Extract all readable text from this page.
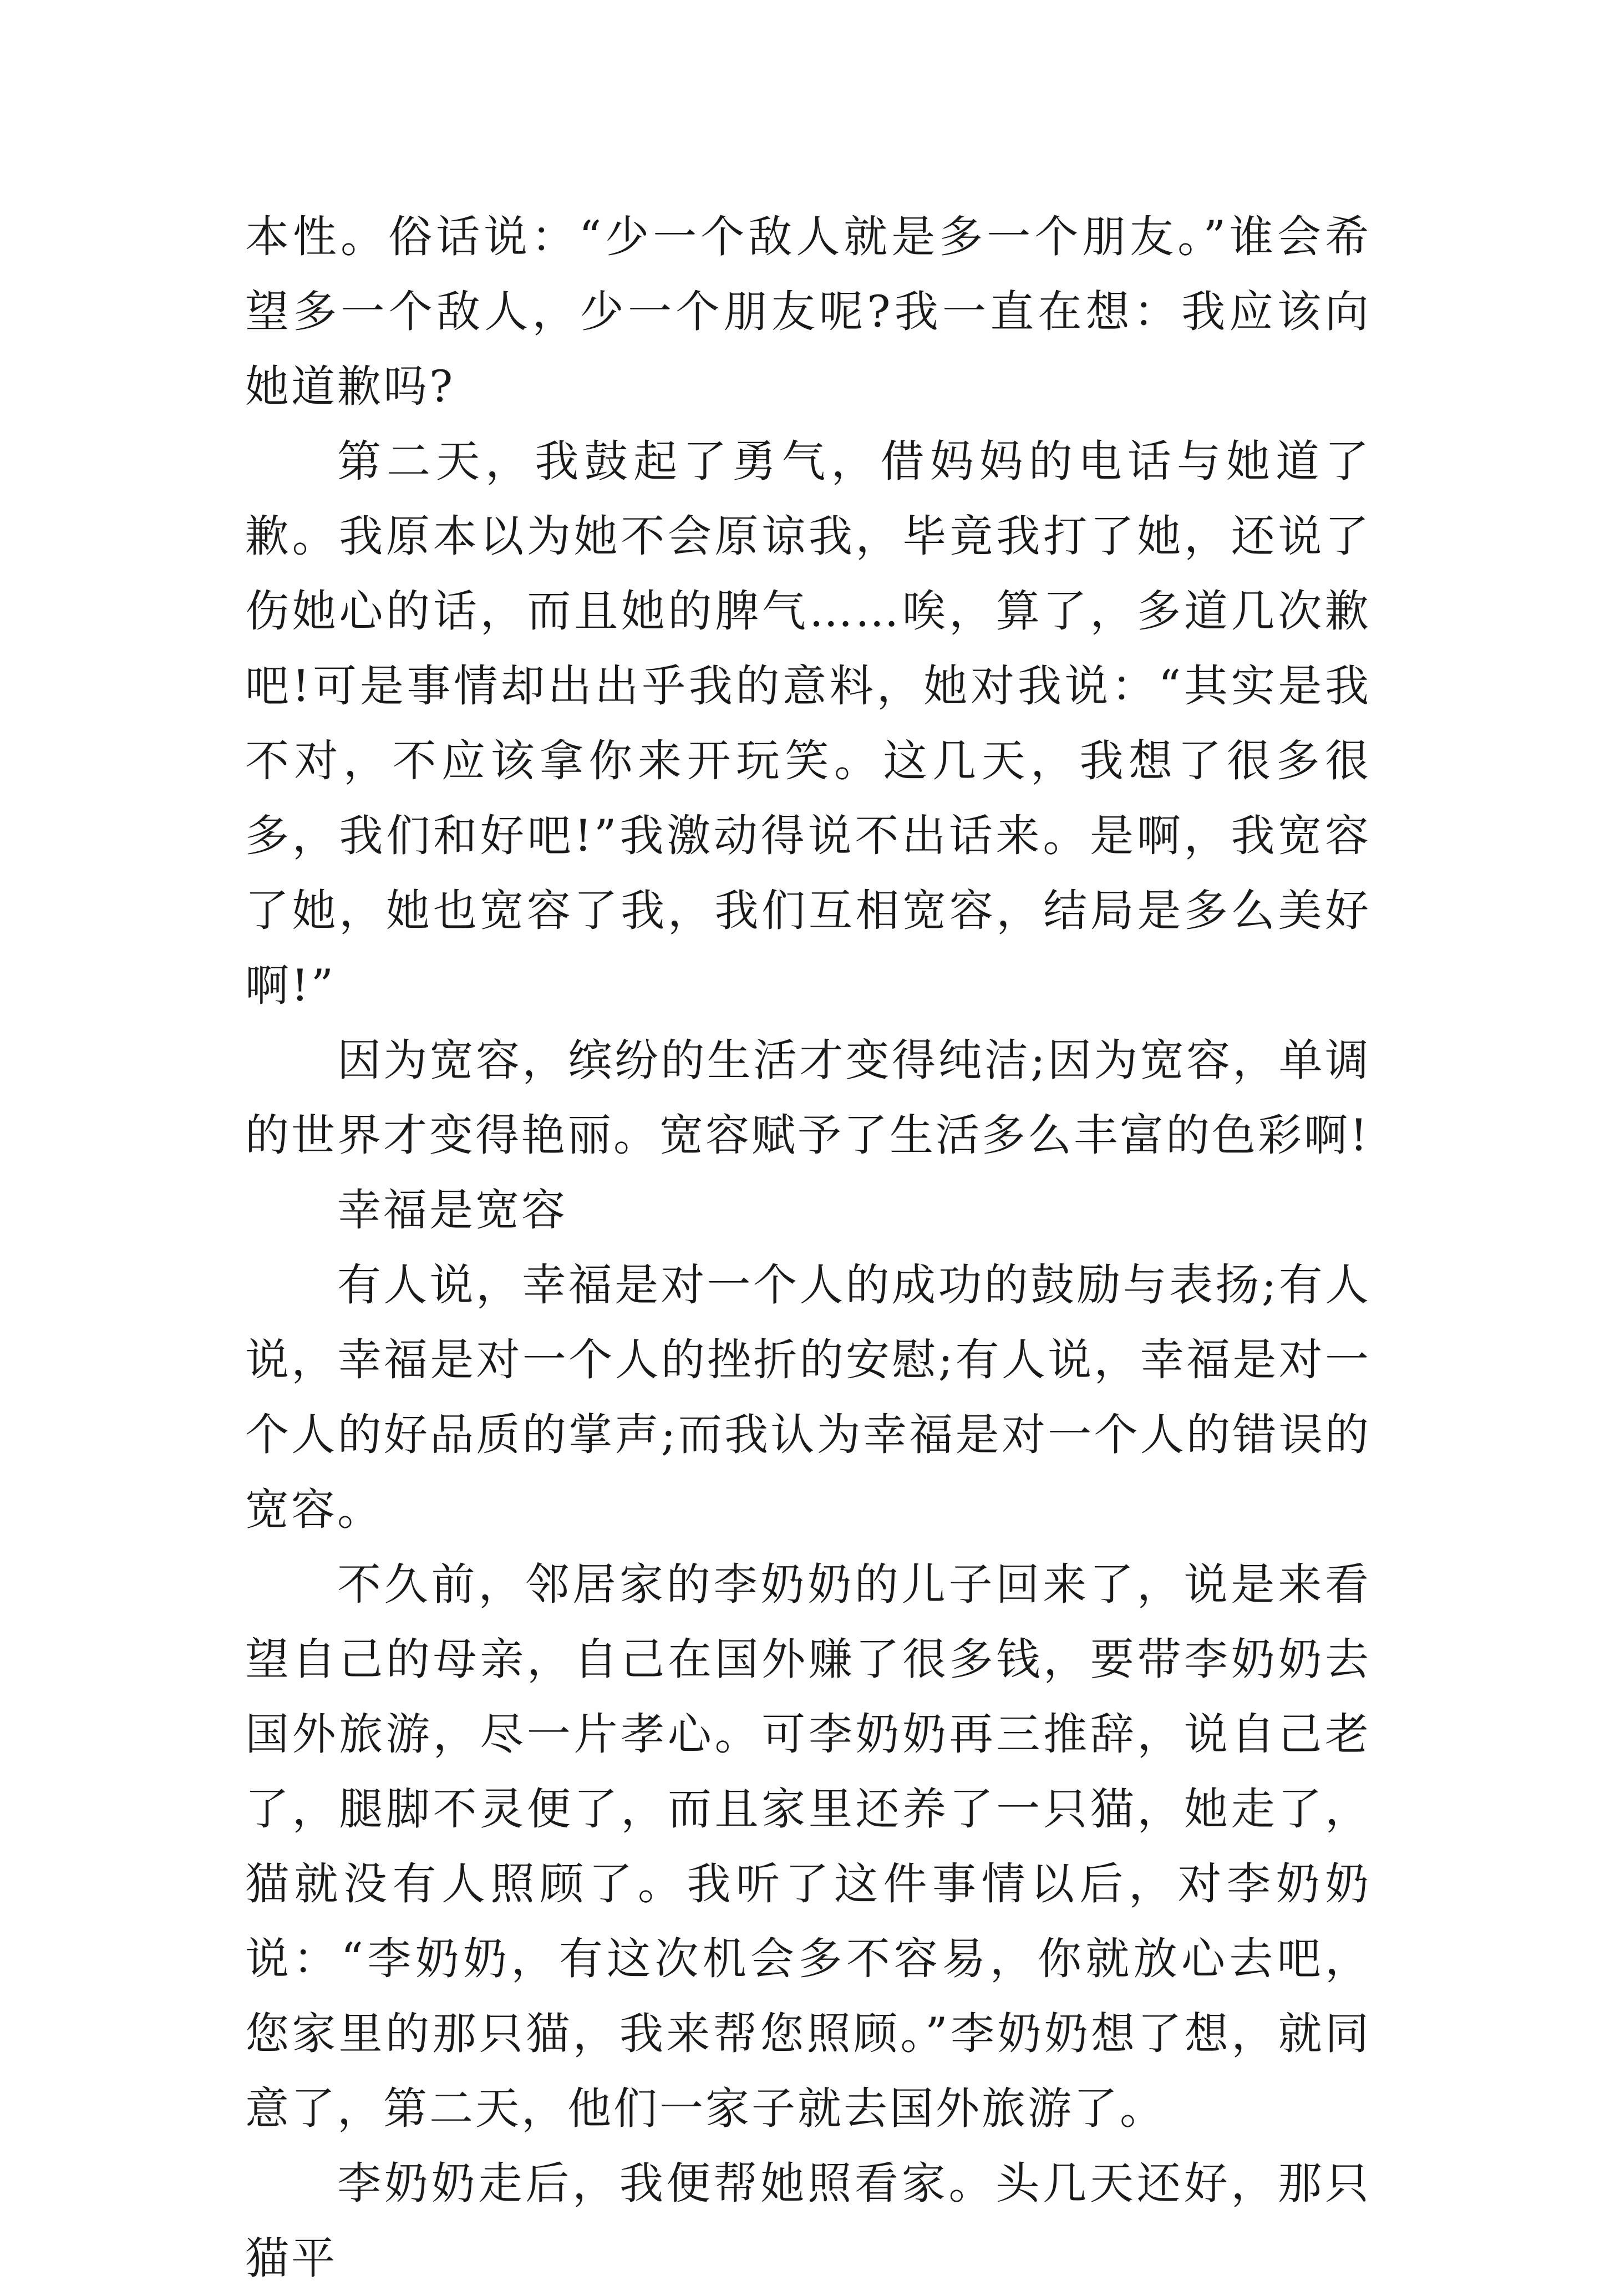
本性。俗话说：“少一个敌人就是多一个朋友。”谁会希望多一个敌人，少一个朋友呢?我一直在想：我应该向她道歉吗?

第二天，我鼓起了勇气，借妈妈的电话与她道了歉。我原本以为她不会原谅我，毕竟我打了她，还说了伤她心的话，而且她的脾气……唉，算了，多道几次歉吧!可是事情却出出乎我的意料，她对我说：“其实是我不对，不应该拿你来开玩笑。这几天，我想了很多很多，我们和好吧!”我激动得说不出话来。是啊，我宽容了她，她也宽容了我，我们互相宽容，结局是多么美好啊!”

因为宽容，缤纷的生活才变得纯洁;因为宽容，单调的世界才变得艳丽。宽容赋予了生活多么丰富的色彩啊!

幸福是宽容

有人说，幸福是对一个人的成功的鼓励与表扬;有人说，幸福是对一个人的挫折的安慰;有人说，幸福是对一个人的好品质的掌声;而我认为幸福是对一个人的错误的宽容。

不久前，邻居家的李奶奶的儿子回来了，说是来看望自己的母亲，自己在国外赚了很多钱，要带李奶奶去国外旅游，尽一片孝心。可李奶奶再三推辞，说自己老了，腿脚不灵便了，而且家里还养了一只猫，她走了，猫就没有人照顾了。我听了这件事情以后，对李奶奶说：“李奶奶，有这次机会多不容易，你就放心去吧，您家里的那只猫，我来帮您照顾。”李奶奶想了想，就同意了，第二天，他们一家子就去国外旅游了。

李奶奶走后，我便帮她照看家。头几天还好，那只猫平
